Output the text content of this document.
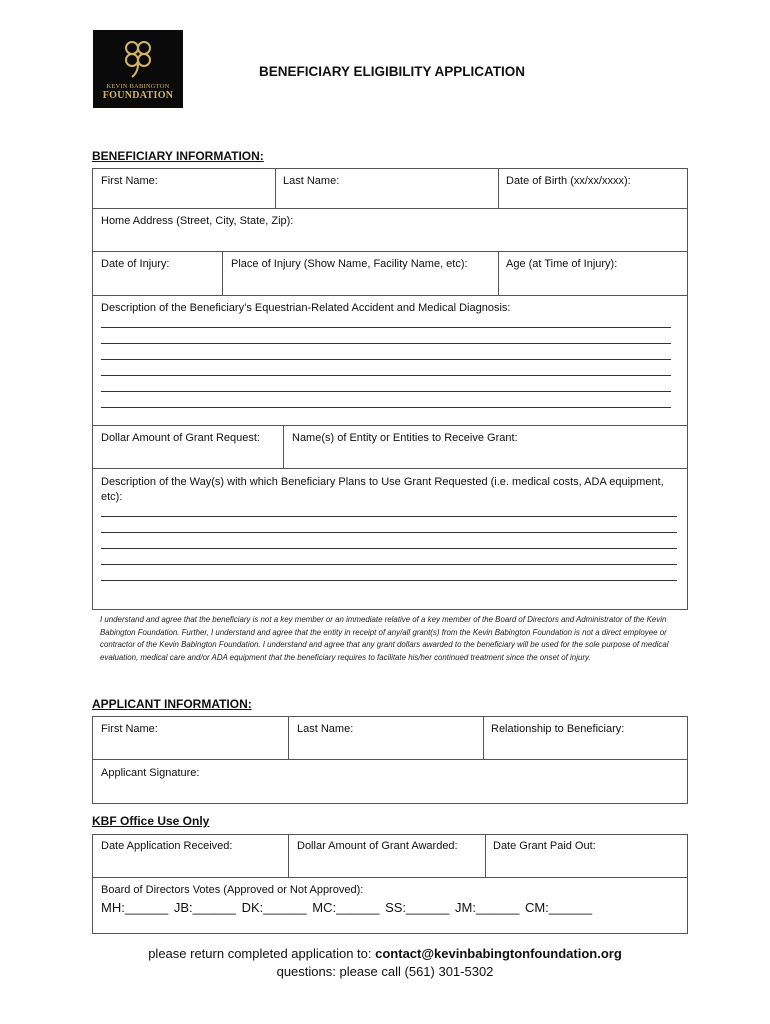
KEVIN BABINGTON
FOUNDATION
BENEFICIARY ELIGIBILITY APPLICATION
BENEFICIARY INFORMATION:
First Name:	Last Name:	Date of Birth (xx/xx/xxxx):
Home Address (Street, City, State, Zip):
Date of Injury:	Place of Injury (Show Name, Facility Name, etc):	Age (at Time of Injury):
Description of the Beneficiary’s Equestrian-Related Accident and Medical Diagnosis:
Dollar Amount of Grant Request:	Name(s) of Entity or Entities to Receive Grant:
Description of the Way(s) with which Beneficiary Plans to Use Grant Requested (i.e. medical costs, ADA equipment, etc):
I understand and agree that the beneficiary is not a key member or an immediate relative of a key member of the Board of Directors and Administrator of the Kevin Babington Foundation. Further, I understand and agree that the entity in receipt of any/all grant(s) from the Kevin Babington Foundation is not a direct employee or contractor of the Kevin Babington Foundation. I understand and agree that any grant dollars awarded to the beneficiary will be used for the sole purpose of medical evaluation, medical care and/or ADA equipment that the beneficiary requires to facilitate his/her continued treatment since the onset of injury.
APPLICANT INFORMATION:
First Name:	Last Name:	Relationship to Beneficiary:
Applicant Signature:
KBF Office Use Only
Date Application Received:	Dollar Amount of Grant Awarded:	Date Grant Paid Out:
Board of Directors Votes (Approved or Not Approved):
MH:______ JB:______ DK:______ MC:______ SS:______ JM:______ CM:______
please return completed application to: contact@kevinbabingtonfoundation.org
questions: please call (561) 301-5302
